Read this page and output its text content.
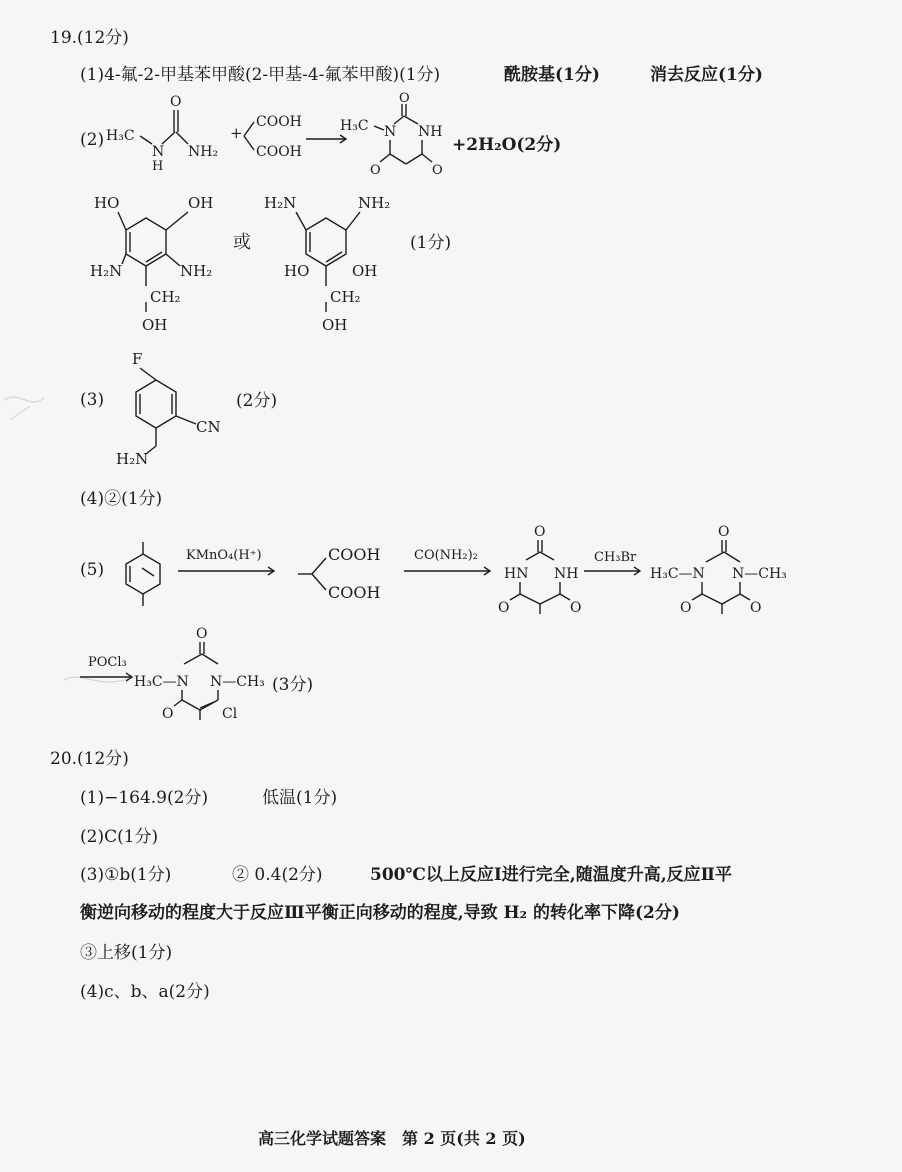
19.(12分)
(1)4-氟-2-甲基苯甲酸(2-甲基-4-氟苯甲酸)(1分)	酰胺基(1分)	消去反应(1分)
(2) H₃C
N
H
O
NH₂
+
COOH
COOH
H₃C N
O
NH
O	O
+2H₂O(2分)
HO	OH
H₂N	NH₂
CH₂
OH
或
H₂N	NH₂
HO	OH
CH₂
OH
(1分)
(3)
F
CN
H₂N
(2分)
(4)②(1分)
(5)
KMnO₄(H⁺)	COOH
COOH
CO(NH₂)₂
O
HN NH
O	O
CH₃Br
O
H₃C—N N—CH₃
O	O
POCl₃
O
H₃C—N N—CH₃
O	Cl
(3分)
20.(12分)
(1)−164.9(2分)	低温(1分)
(2)C(1分)
(3)①b(1分)	② 0.4(2分)	500℃以上反应Ⅰ进行完全,随温度升高,反应Ⅱ平
衡逆向移动的程度大于反应Ⅲ平衡正向移动的程度,导致 H₂ 的转化率下降(2分)
③上移(1分)
(4)c、b、a(2分)
高三化学试题答案　第 2 页(共 2 页)
